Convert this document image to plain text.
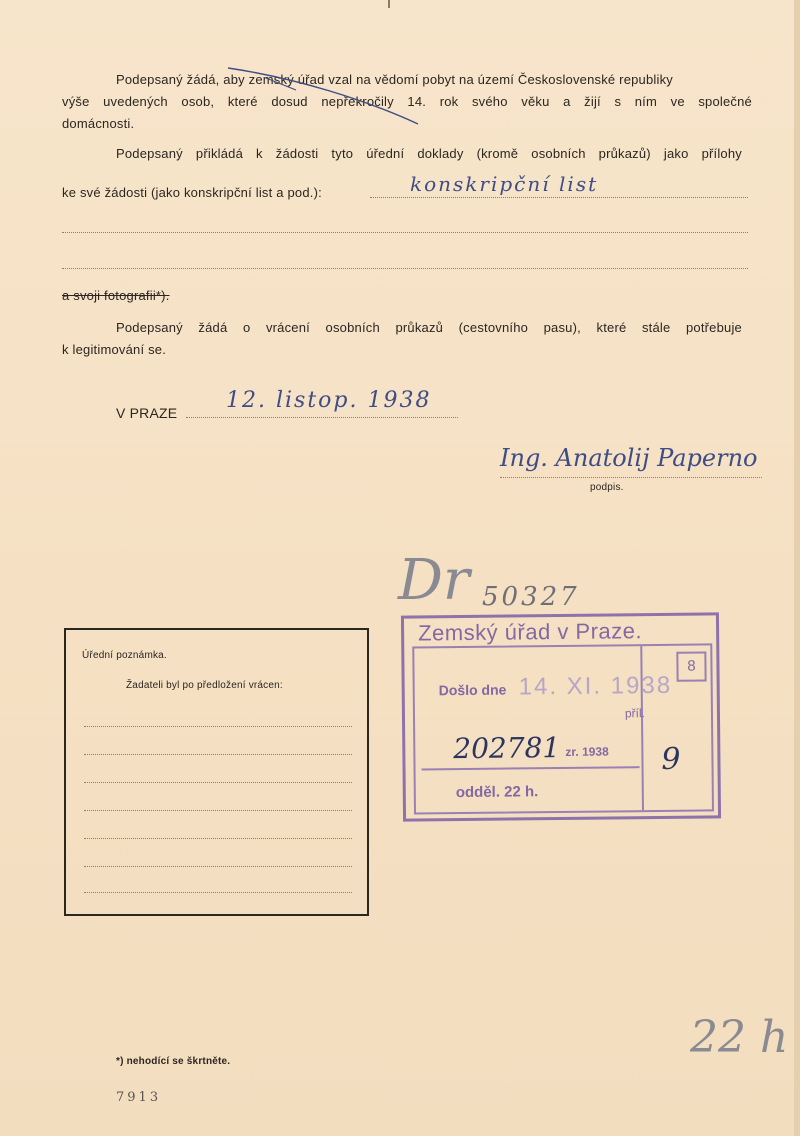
Podepsaný žádá, aby zemský úřad vzal na vědomí pobyt na území Československé republiky
výše uvedených osob, které dosud nepřekročily 14. rok svého věku a žijí s ním ve společné
domácnosti.
Podepsaný přikládá k žádosti tyto úřední doklady (kromě osobních průkazů) jako přílohy
ke své žádosti (jako konskripční list a pod.):	konskripční list
a svoji fotografii*).
Podepsaný žádá o vrácení osobních průkazů (cestovního pasu), které stále potřebuje
k legitimování se.
V PRAZE 12. listop. 1938
Ing. Anatolij Paperno
podpis.
Dr 50327
Úřední poznámka.
Žadateli byl po předložení vrácen:
Zemský úřad v Praze.
Došlo dne 14. XI. 1938
8
příl.
202781 zr. 1938
odděl. 22 h.
9
*) nehodící se škrtněte.
7913
22 h
